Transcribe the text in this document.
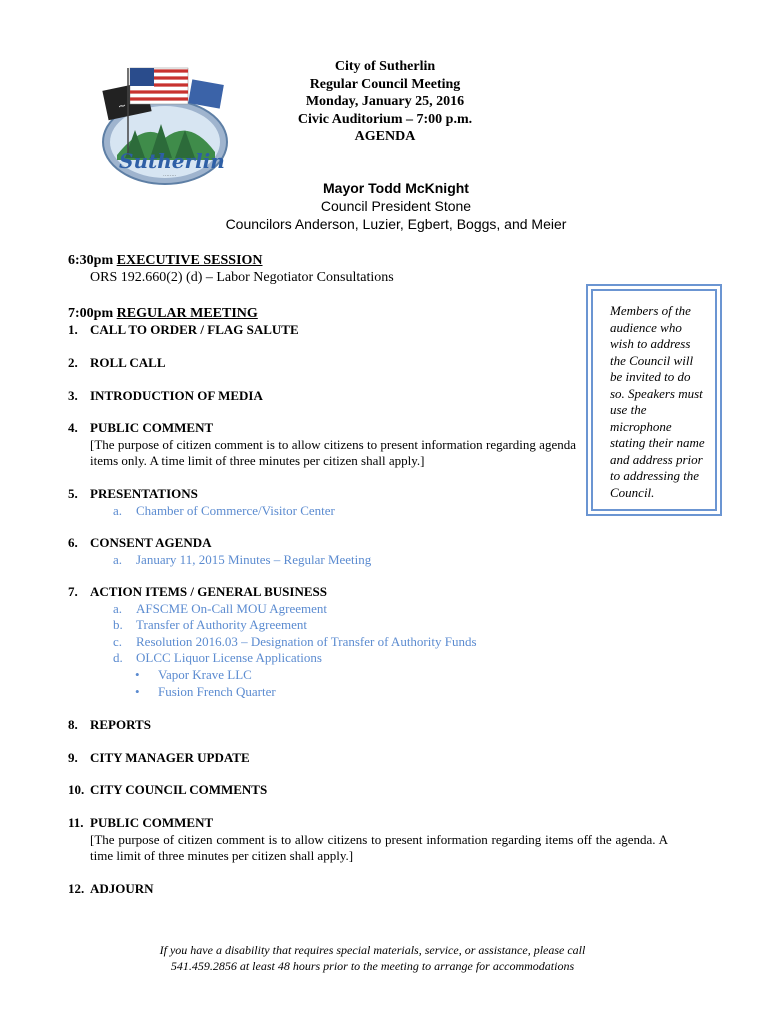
~
Sutherlin
········
City of Sutherlin
Regular Council Meeting
Monday, January 25, 2016
Civic Auditorium – 7:00 p.m.
AGENDA
Mayor Todd McKnight
Council President Stone
Councilors Anderson, Luzier, Egbert, Boggs, and Meier
6:30pm EXECUTIVE SESSION
ORS 192.660(2) (d) – Labor Negotiator Consultations
7:00pm REGULAR MEETING
1. CALL TO ORDER / FLAG SALUTE
2. ROLL CALL
3. INTRODUCTION OF MEDIA
4. PUBLIC COMMENT
[The purpose of citizen comment is to allow citizens to present information regarding agenda items only. A time limit of three minutes per citizen shall apply.]
5. PRESENTATIONS
a. Chamber of Commerce/Visitor Center
6. CONSENT AGENDA
a. January 11, 2015 Minutes – Regular Meeting
7. ACTION ITEMS / GENERAL BUSINESS
a. AFSCME On-Call MOU Agreement
b. Transfer of Authority Agreement
c. Resolution 2016.03 – Designation of Transfer of Authority Funds
d. OLCC Liquor License Applications
• Vapor Krave LLC
• Fusion French Quarter
8. REPORTS
9. CITY MANAGER UPDATE
10. CITY COUNCIL COMMENTS
11. PUBLIC COMMENT
[The purpose of citizen comment is to allow citizens to present information regarding items off the agenda. A time limit of three minutes per citizen shall apply.]
12. ADJOURN
Members of the audience who wish to address the Council will be invited to do so. Speakers must use the microphone stating their name and address prior to addressing the Council.
If you have a disability that requires special materials, service, or assistance, please call
541.459.2856 at least 48 hours prior to the meeting to arrange for accommodations
